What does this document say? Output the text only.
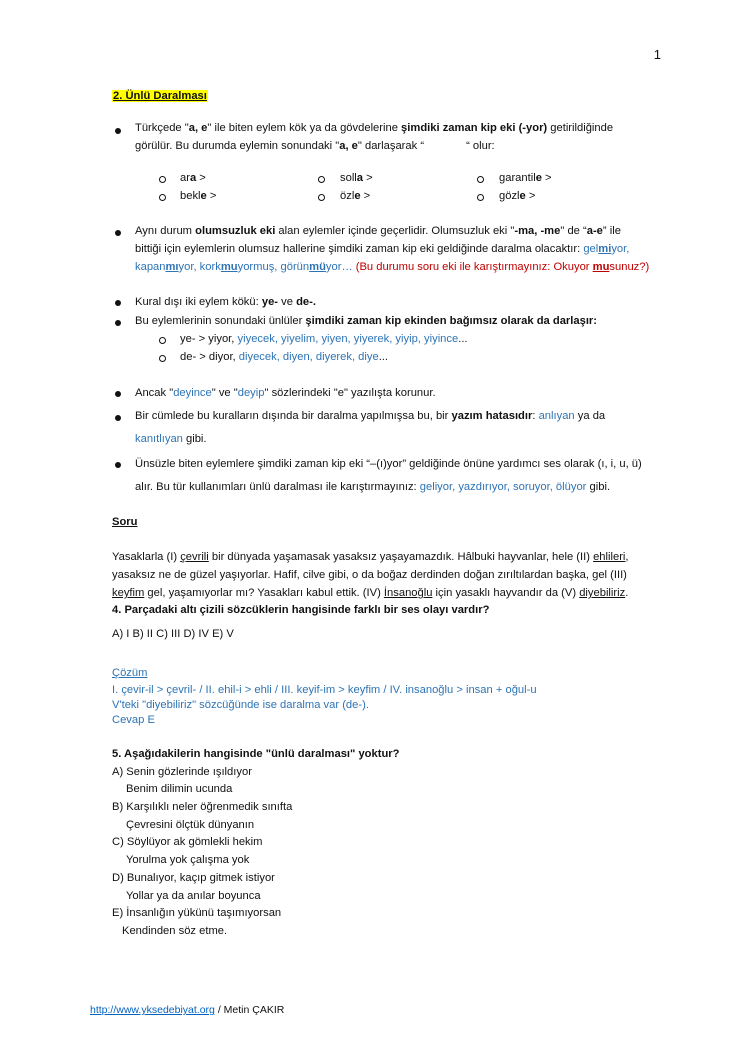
1
2. Ünlü Daralması
Türkçede "a, e" ile biten eylem kök ya da gövdelerine şimdiki zaman kip eki (-yor) getirildiğinde
görülür. Bu durumda eylemin sonundaki "a, e" darlaşarak “	“ olur:
ara >	solla >	garantile >
bekle >	özle >	gözle >
Aynı durum olumsuzluk eki alan eylemler içinde geçerlidir. Olumsuzluk eki "-ma, -me" de “a-e” ile
bittiği için eylemlerin olumsuz hallerine şimdiki zaman kip eki geldiğinde daralma olacaktır: gelmiyor,
kapanmıyor, korkmuyormuş, görünmüyor… (Bu durumu soru eki ile karıştırmayınız: Okuyor musunuz?)
Kural dışı iki eylem kökü: ye- ve de-.
Bu eylemlerinin sonundaki ünlüler şimdiki zaman kip ekinden bağımsız olarak da darlaşır:
ye- > yiyor, yiyecek, yiyelim, yiyen, yiyerek, yiyip, yiyince...
de- > diyor, diyecek, diyen, diyerek, diye...
Ancak "deyince" ve "deyip" sözlerindeki "e" yazılışta korunur.
Bir cümlede bu kuralların dışında bir daralma yapılmışsa bu, bir yazım hatasıdır: anlıyan ya da
kanıtlıyan gibi.
Ünsüzle biten eylemlere şimdiki zaman kip eki “–(ı)yor” geldiğinde önüne yardımcı ses olarak (ı, i, u, ü)
alır. Bu tür kullanımları ünlü daralması ile karıştırmayınız: geliyor, yazdırıyor, soruyor, ölüyor gibi.
Soru
Yasaklarla (I) çevrili bir dünyada yaşamasak yasaksız yaşayamazdık. Hâlbuki hayvanlar, hele (II) ehlileri,
yasaksız ne de güzel yaşıyorlar. Hafif, cilve gibi, o da boğaz derdinden doğan zırıltılardan başka, gel (III)
keyfim gel, yaşamıyorlar mı? Yasakları kabul ettik. (IV) İnsanoğlu için yasaklı hayvandır da (V) diyebiliriz.
4. Parçadaki altı çizili sözcüklerin hangisinde farklı bir ses olayı vardır?
A) I B) II C) III D) IV E) V
Çözüm
I. çevir-il > çevril- / II. ehil-i > ehli / III. keyif-im > keyfim / IV. insanoğlu > insan + oğul-u
V'teki "diyebiliriz" sözcüğünde ise daralma var (de-).
Cevap E
5. Aşağıdakilerin hangisinde "ünlü daralması" yoktur?
A) Senin gözlerinde ışıldıyor
Benim dilimin ucunda
B) Karşılıklı neler öğrenmedik sınıfta
Çevresini ölçtük dünyanın
C) Söylüyor ak gömlekli hekim
Yorulma yok çalışma yok
D) Bunalıyor, kaçıp gitmek istiyor
Yollar ya da anılar boyunca
E) İnsanlığın yükünü taşımıyorsan
Kendinden söz etme.
http://www.yksedebiyat.org / Metin ÇAKIR
